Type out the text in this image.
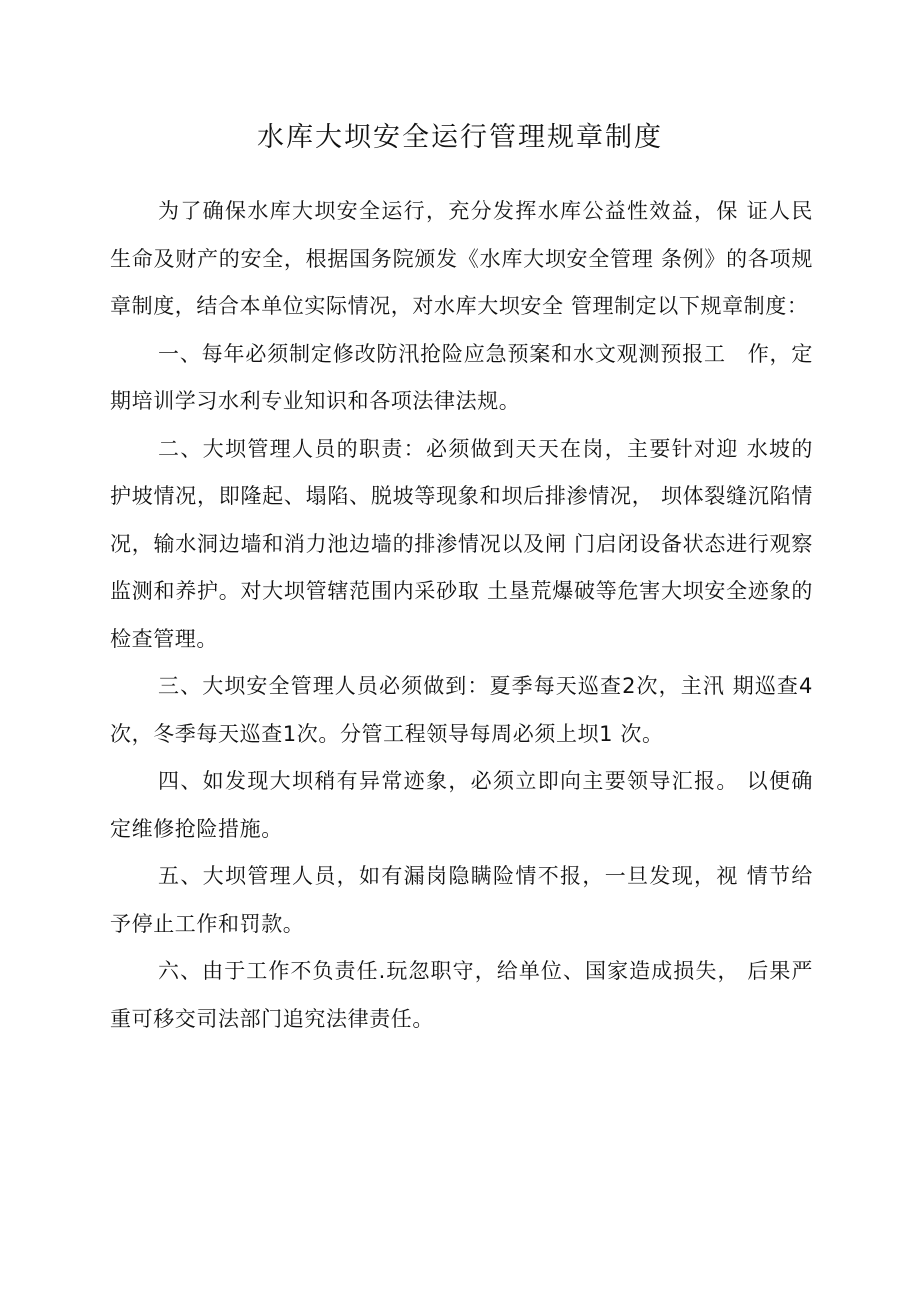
水库大坝安全运行管理规章制度

为了确保水库大坝安全运行，充分发挥水库公益性效益，保 证人民生命及财产的安全，根据国务院颁发《水库大坝安全管理 条例》的各项规章制度，结合本单位实际情况，对水库大坝安全 管理制定以下规章制度：

一、每年必须制定修改防汛抢险应急预案和水文观测预报工　作，定期培训学习水利专业知识和各项法律法规。

二、大坝管理人员的职责：必须做到天天在岗，主要针对迎 水坡的护坡情况，即隆起、塌陷、脱坡等现象和坝后排渗情况， 坝体裂缝沉陷情况，输水洞边墙和消力池边墙的排渗情况以及闸 门启闭设备状态进行观察监测和养护。对大坝管辖范围内采砂取 土垦荒爆破等危害大坝安全迹象的检查管理。

三、大坝安全管理人员必须做到：夏季每天巡查2次，主汛 期巡查4次，冬季每天巡查1次。分管工程领导每周必须上坝1 次。

四、如发现大坝稍有异常迹象，必须立即向主要领导汇报。 以便确定维修抢险措施。

五、大坝管理人员，如有漏岗隐瞒险情不报，一旦发现，视 情节给予停止工作和罚款。

六、由于工作不负责任.玩忽职守，给单位、国家造成损失， 后果严重可移交司法部门追究法律责任。
